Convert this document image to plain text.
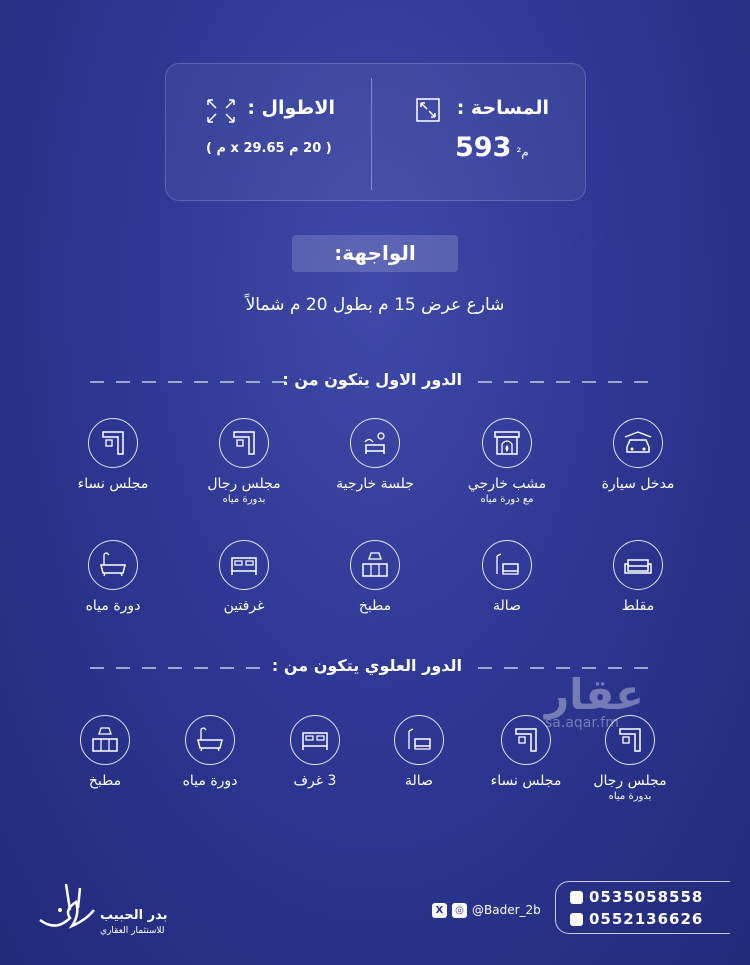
المساحة :
م² 593
الاطوال :
( 20 م x 29.65 م )
الواجهة:
شارع عرض 15 م بطول 20 م شمالاً
الدور الاول يتكون من :
مدخل سيارة
مشب خارجي
مع دورة مياه
جلسة خارجية
مجلس رجال
بدورة مياه
مجلس نساء
مقلط
صالة
مطبخ
غرفتين
دورة مياه
الدور العلوي يتكون من :
عقار
sa.aqar.fm
مجلس رجال
بدورة مياه
مجلس نساء
صالة
3 غرف
دورة مياه
مطبخ
بدر الحبيب
للاستثمار العقاري
X	◎ @Bader_2b
0535058558
0552136626
